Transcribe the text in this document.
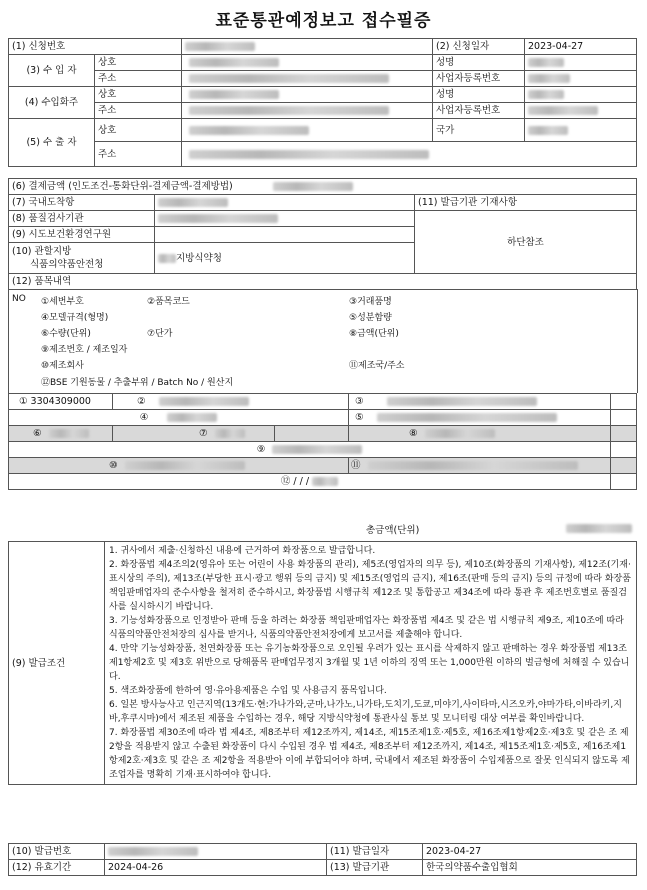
표준통관예정보고 접수필증
(1) 신청번호			(2) 신청일자	2023-04-27
(3) 수 입 자	상호		성명	
	주소		사업자등록번호	
(4) 수입화주	상호		성명	
	주소		사업자등록번호	
(5) 수 출 자	상호		국가	
	주소			
(6) 결제금액 (인도조건-통화단위-결제금액-결제방법)		
(7) 국내도착항		(11) 발급기관 기재사항
(8) 품질검사기관		하단참조
(9) 시도보건환경연구원		

(10) 관할지방
식품의약품안전청	지방식약청	
(12) 품목내역		
NO ①세번부호	②품목코드	③거래품명
④모델규격(형명)	⑤성분함량
⑥수량(단위)	⑦단가	⑧금액(단위)
⑨제조번호 / 제조일자
⑩제조회사	⑪제조국/주소
⑫BSE 기원동물 / 추출부위 / Batch No / 원산지
① 3304309000	②		③	
④			⑤	
⑥	⑦		⑧	
⑨				
⑩			⑪	
⑫ / / /				
총금액(단위)
(9) 발급조건	

1. 귀사에서 제출·신청하신 내용에 근거하여 화장품으로 발급합니다.

2. 화장품법 제4조의2(영유아 또는 어린이 사용 화장품의 관리), 제5조(영업자의 의무 등), 제10조(화장품의 기재사항), 제12조(기재·표시상의 주의), 제13조(부당한 표시·광고 행위 등의 금지) 및 제15조(영업의 금지), 제16조(판매 등의 금지) 등의 규정에 따라 화장품책임판매업자의 준수사항을 철저히 준수하시고, 화장품법 시행규칙 제12조 및 통합공고 제34조에 따라 통관 후 제조번호별로 품질검사를 실시하시기 바랍니다.

3. 기능성화장품으로 인정받아 판매 등을 하려는 화장품 책임판매업자는 화장품법 제4조 및 같은 법 시행규칙 제9조, 제10조에 따라 식품의약품안전처장의 심사를 받거나, 식품의약품안전처장에게 보고서를 제출해야 합니다.

4. 만약 기능성화장품, 천연화장품 또는 유기농화장품으로 오인될 우려가 있는 표시를 삭제하지 않고 판매하는 경우 화장품법 제13조제1항제2호 및 제3호 위반으로 당해품목 판매업무정지 3개월 및 1년 이하의 징역 또는 1,000만원 이하의 벌금형에 처해질 수 있습니다.

5. 색조화장품에 한하여 영·유아용제품은 수입 및 사용금지 품목입니다.

6. 일본 방사능사고 인근지역(13개도·현:가나가와,군마,나가노,니가타,도치기,도쿄,미야기,사이타마,시즈오카,야마가타,이바라키,지바,후쿠시마)에서 제조된 제품을 수입하는 경우, 해당 지방식약청에 통관사실 통보 및 모니터링 대상 여부를 확인바랍니다.

7. 화장품법 제30조에 따라 법 제4조, 제8조부터 제12조까지, 제14조, 제15조제1호·제5호, 제16조제1항제2호·제3호 및 같은 조 제2항을 적용받지 않고 수출된 화장품이 다시 수입된 경우 법 제4조, 제8조부터 제12조까지, 제14조, 제15조제1호·제5호, 제16조제1항제2호·제3호 및 같은 조 제2항을 적용받아 이에 부합되어야 하며, 국내에서 제조된 화장품이 수입제품으로 잘못 인식되지 않도록 제조업자를 명확히 기재·표시하여야 합니다.

(10) 발급번호		(11) 발급일자	2023-04-27
(12) 유효기간	2024-04-26	(13) 발급기관	한국의약품수출입협회
